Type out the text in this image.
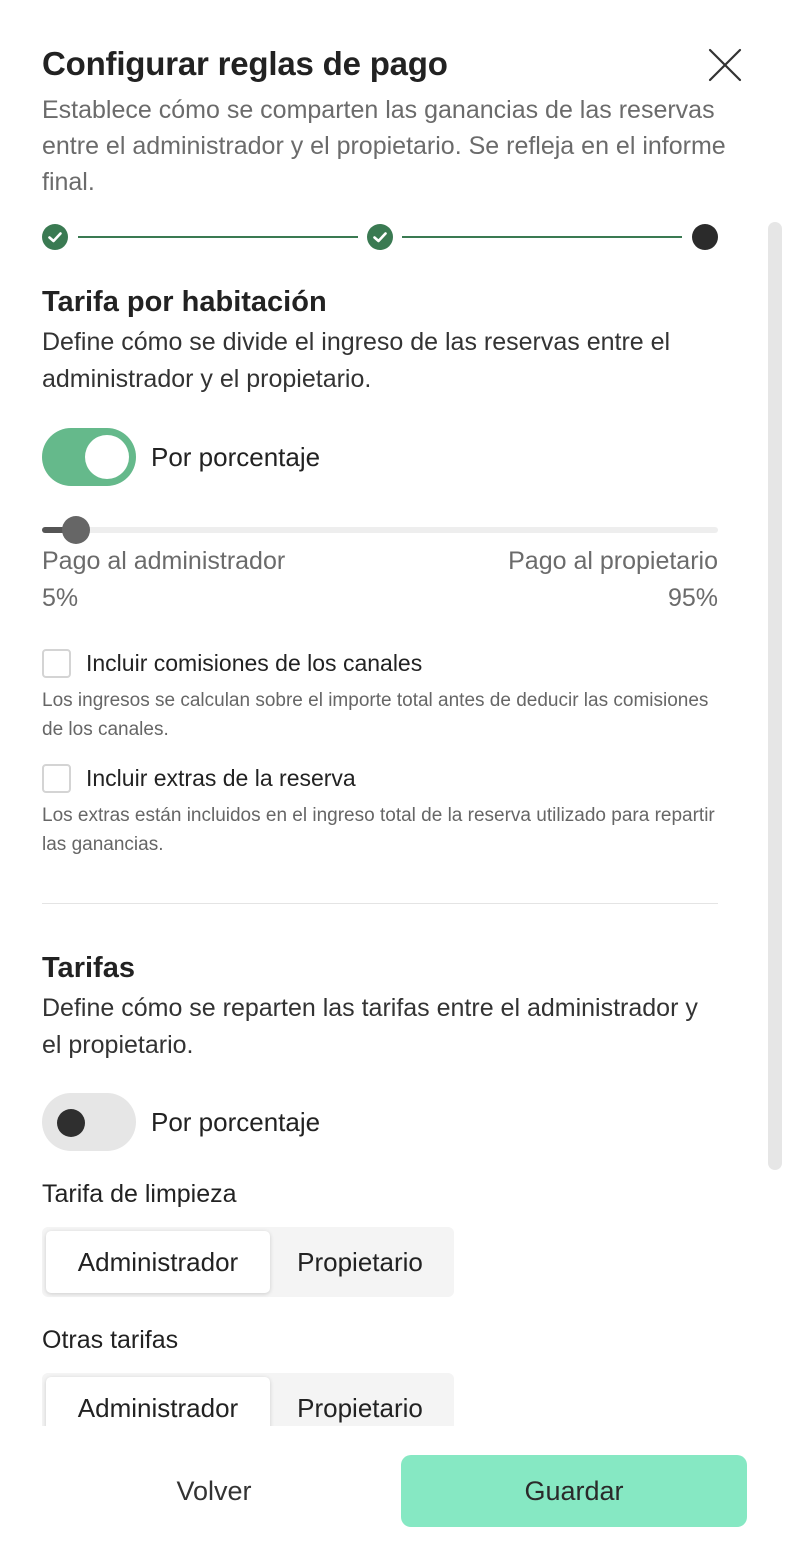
Configurar reglas de pago

Establece cómo se comparten las ganancias de las reservas entre el administrador y el propietario. Se refleja en el informe final.

Tarifa por habitación

Define cómo se divide el ingreso de las reservas entre el administrador y el propietario.

Por porcentaje
Pago al administrador
5%
Pago al propietario
95%
Incluir comisiones de los canales

Los ingresos se calculan sobre el importe total antes de deducir las comisiones de los canales.

Incluir extras de la reserva

Los extras están incluidos en el ingreso total de la reserva utilizado para repartir las ganancias.

Tarifas

Define cómo se reparten las tarifas entre el administrador y el propietario.

Por porcentaje
Tarifa de limpieza
Administrador	Propietario
Otras tarifas
Administrador	Propietario
Volver	Guardar
